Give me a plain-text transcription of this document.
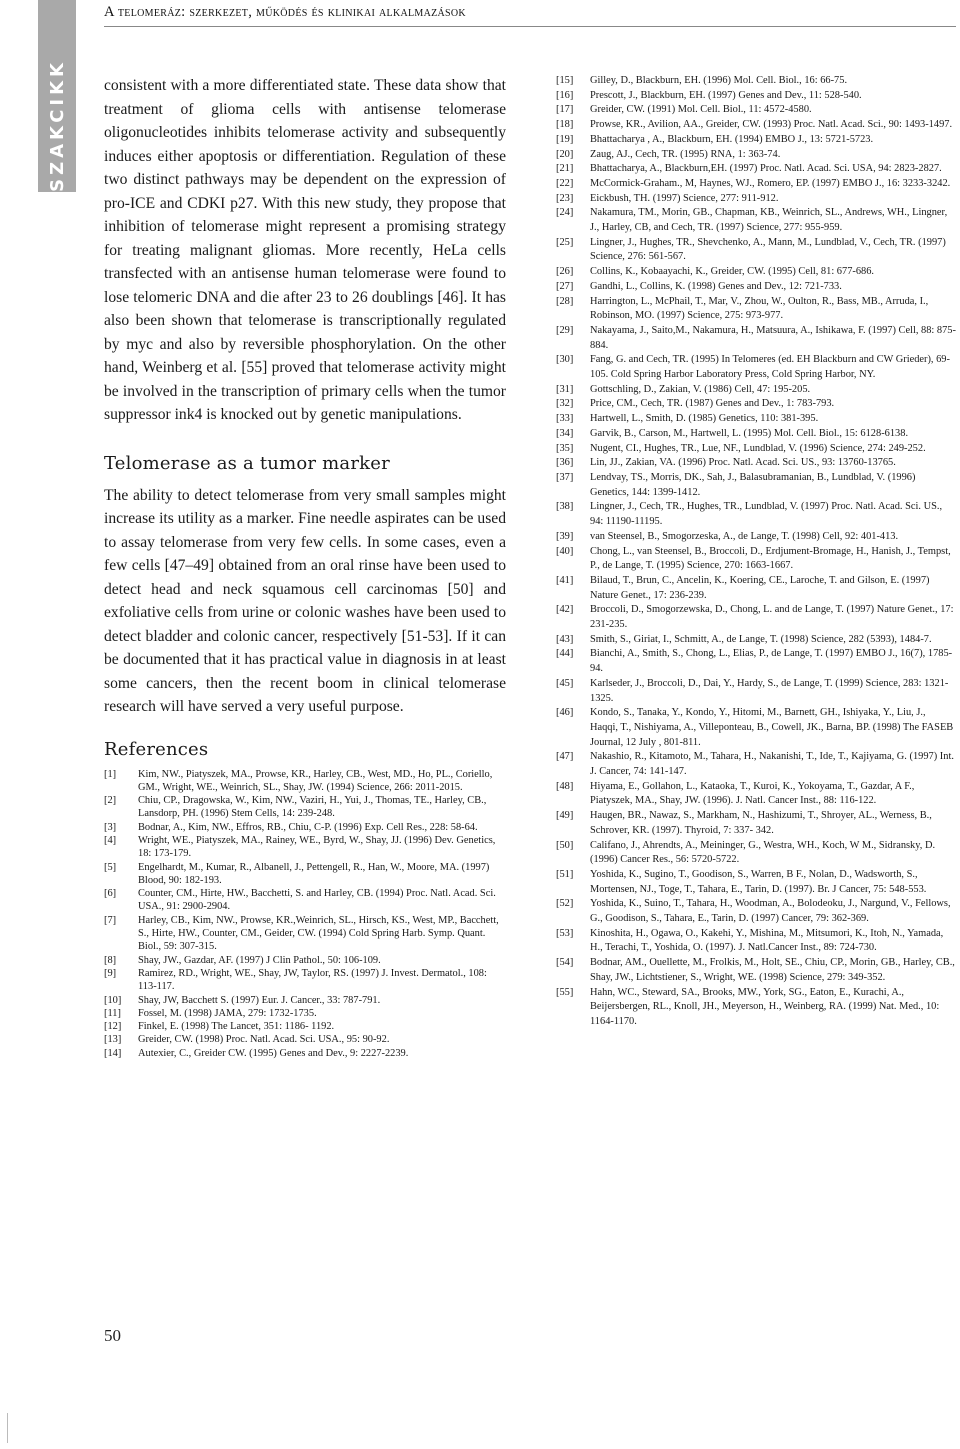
SZAKCIKK
A telomeráz: szerkezet, működés és klinikai alkalmazások

consistent with a more differentiated state. These data show that treatment of glioma cells with antisense telomerase oligonucleotides inhibits telomerase activity and subsequently induces either apoptosis or differentiation. Regulation of these two distinct pathways may be dependent on the expression of pro-ICE and CDKI p27. With this new study, they propose that inhibition of telomerase might represent a promising strategy for treating malignant gliomas. More recently, HeLa cells transfected with an antisense human telomerase were found to lose telomeric DNA and die after 23 to 26 doublings [46]. It has also been shown that telomerase is transcriptionally regulated by myc and also by reversible phosphorylation. On the other hand, Weinberg et al. [55] proved that telomerase activity might be involved in the transcription of primary cells when the tumor suppressor ink4 is knocked out by genetic manipulations.

Telomerase as a tumor marker

The ability to detect telomerase from very small samples might increase its utility as a marker. Fine needle aspirates can be used to assay telomerase from very few cells. In some cases, even a few cells [47–49] obtained from an oral rinse have been used to detect head and neck squamous cell carcinomas [50] and exfoliative cells from urine or colonic washes have been used to detect bladder and colonic cancer, respectively [51-53]. If it can be documented that it has practical value in diagnosis in at least some cancers, then the recent boom in clinical telomerase research will have served a very useful purpose.

References
[1]	Kim, NW., Piatyszek, MA., Prowse, KR., Harley, CB., West, MD., Ho, PL., Coriello, GM., Wright, WE., Weinrich, SL., Shay, JW. (1994) Science, 266: 2011-2015.
[2]	Chiu, CP., Dragowska, W., Kim, NW., Vaziri, H., Yui, J., Thomas, TE., Harley, CB., Lansdorp, PH. (1996) Stem Cells, 14: 239-248.
[3]	Bodnar, A., Kim, NW., Effros, RB., Chiu, C-P. (1996) Exp. Cell Res., 228: 58-64.
[4]	Wright, WE., Piatyszek, MA., Rainey, WE., Byrd, W., Shay, JJ. (1996) Dev. Genetics, 18: 173-179.
[5]	Engelhardt, M., Kumar, R., Albanell, J., Pettengell, R., Han, W., Moore, MA. (1997) Blood, 90: 182-193.
[6]	Counter, CM., Hirte, HW., Bacchetti, S. and Harley, CB. (1994) Proc. Natl. Acad. Sci. USA., 91: 2900-2904.
[7]	Harley, CB., Kim, NW., Prowse, KR.,Weinrich, SL., Hirsch, KS., West, MP., Bacchett, S., Hirte, HW., Counter, CM., Geider, CW. (1994) Cold Spring Harb. Symp. Quant. Biol., 59: 307-315.
[8]	Shay, JW., Gazdar, AF. (1997) J Clin Pathol., 50: 106-109.
[9]	Ramirez, RD., Wright, WE., Shay, JW, Taylor, RS. (1997) J. Invest. Dermatol., 108: 113-117.
[10]	Shay, JW, Bacchett S. (1997) Eur. J. Cancer., 33: 787-791.
[11]	Fossel, M. (1998) JAMA, 279: 1732-1735.
[12]	Finkel, E. (1998) The Lancet, 351: 1186- 1192.
[13]	Greider, CW. (1998) Proc. Natl. Acad. Sci. USA., 95: 90-92.
[14]	Autexier, C., Greider CW. (1995) Genes and Dev., 9: 2227-2239.
[15]	Gilley, D., Blackburn, EH. (1996) Mol. Cell. Biol., 16: 66-75.
[16]	Prescott, J., Blackburn, EH. (1997) Genes and Dev., 11: 528-540.
[17]	Greider, CW. (1991) Mol. Cell. Biol., 11: 4572-4580.
[18]	Prowse, KR., Avilion, AA., Greider, CW. (1993) Proc. Natl. Acad. Sci., 90: 1493-1497.
[19]	Bhattacharya , A., Blackburn, EH. (1994) EMBO J., 13: 5721-5723.
[20]	Zaug, AJ., Cech, TR. (1995) RNA, 1: 363-74.
[21]	Bhattacharya, A., Blackburn,EH. (1997) Proc. Natl. Acad. Sci. USA, 94: 2823-2827.
[22]	McCormick-Graham., M, Haynes, WJ., Romero, EP. (1997) EMBO J., 16: 3233-3242.
[23]	Eickbush, TH. (1997) Science, 277: 911-912.
[24]	Nakamura, TM., Morin, GB., Chapman, KB., Weinrich, SL., Andrews, WH., Lingner, J., Harley, CB, and Cech, TR. (1997) Science, 277: 955-959.
[25]	Lingner, J., Hughes, TR., Shevchenko, A., Mann, M., Lundblad, V., Cech, TR. (1997) Science, 276: 561-567.
[26]	Collins, K., Kobaayachi, K., Greider, CW. (1995) Cell, 81: 677-686.
[27]	Gandhi, L., Collins, K. (1998) Genes and Dev., 12: 721-733.
[28]	Harrington, L., McPhail, T., Mar, V., Zhou, W., Oulton, R., Bass, MB., Arruda, I., Robinson, MO. (1997) Science, 275: 973-977.
[29]	Nakayama, J., Saito,M., Nakamura, H., Matsuura, A., Ishikawa, F. (1997) Cell, 88: 875-884.
[30]	Fang, G. and Cech, TR. (1995) In Telomeres (ed. EH Blackburn and CW Grieder), 69-105. Cold Spring Harbor Laboratory Press, Cold Spring Harbor, NY.
[31]	Gottschling, D., Zakian, V. (1986) Cell, 47: 195-205.
[32]	Price, CM., Cech, TR. (1987) Genes and Dev., 1: 783-793.
[33]	Hartwell, L., Smith, D. (1985) Genetics, 110: 381-395.
[34]	Garvik, B., Carson, M., Hartwell, L. (1995) Mol. Cell. Biol., 15: 6128-6138.
[35]	Nugent, CI., Hughes, TR., Lue, NF., Lundblad, V. (1996) Science, 274: 249-252.
[36]	Lin, JJ., Zakian, VA. (1996) Proc. Natl. Acad. Sci. US., 93: 13760-13765.
[37]	Lendvay, TS., Morris, DK., Sah, J., Balasubramanian, B., Lundblad, V. (1996) Genetics, 144: 1399-1412.
[38]	Lingner, J., Cech, TR., Hughes, TR., Lundblad, V. (1997) Proc. Natl. Acad. Sci. US., 94: 11190-11195.
[39]	van Steensel, B., Smogorzeska, A., de Lange, T. (1998) Cell, 92: 401-413.
[40]	Chong, L., van Steensel, B., Broccoli, D., Erdjument-Bromage, H., Hanish, J., Tempst, P., de Lange, T. (1995) Science, 270: 1663-1667.
[41]	Bilaud, T., Brun, C., Ancelin, K., Koering, CE., Laroche, T. and Gilson, E. (1997) Nature Genet., 17: 236-239.
[42]	Broccoli, D., Smogorzewska, D., Chong, L. and de Lange, T. (1997) Nature Genet., 17: 231-235.
[43]	Smith, S., Giriat, I., Schmitt, A., de Lange, T. (1998) Science, 282 (5393), 1484-7.
[44]	Bianchi, A., Smith, S., Chong, L., Elias, P., de Lange, T. (1997) EMBO J., 16(7), 1785-94.
[45]	Karlseder, J., Broccoli, D., Dai, Y., Hardy, S., de Lange, T. (1999) Science, 283: 1321-1325.
[46]	Kondo, S., Tanaka, Y., Kondo, Y., Hitomi, M., Barnett, GH., Ishiyaka, Y., Liu, J., Haqqi, T., Nishiyama, A., Villeponteau, B., Cowell, JK., Barna, BP. (1998) The FASEB Journal, 12 July , 801-811.
[47]	Nakashio, R., Kitamoto, M., Tahara, H., Nakanishi, T., Ide, T., Kajiyama, G. (1997) Int. J. Cancer, 74: 141-147.
[48]	Hiyama, E., Gollahon, L., Kataoka, T., Kuroi, K., Yokoyama, T., Gazdar, A F., Piatyszek, MA., Shay, JW. (1996). J. Natl. Cancer Inst., 88: 116-122.
[49]	Haugen, BR., Nawaz, S., Markham, N., Hashizumi, T., Shroyer, AL., Werness, B., Schrover, KR. (1997). Thyroid, 7: 337- 342.
[50]	Califano, J., Ahrendts, A., Meininger, G., Westra, WH., Koch, W M., Sidransky, D. (1996) Cancer Res., 56: 5720-5722.
[51]	Yoshida, K., Sugino, T., Goodison, S., Warren, B F., Nolan, D., Wadsworth, S., Mortensen, NJ., Toge, T., Tahara, E., Tarin, D. (1997). Br. J Cancer, 75: 548-553.
[52]	Yoshida, K., Suino, T., Tahara, H., Woodman, A., Bolodeoku, J., Nargund, V., Fellows, G., Goodison, S., Tahara, E., Tarin, D. (1997) Cancer, 79: 362-369.
[53]	Kinoshita, H., Ogawa, O., Kakehi, Y., Mishina, M., Mitsumori, K., Itoh, N., Yamada, H., Terachi, T., Yoshida, O. (1997). J. Natl.Cancer Inst., 89: 724-730.
[54]	Bodnar, AM., Ouellette, M., Frolkis, M., Holt, SE., Chiu, CP., Morin, GB., Harley, CB., Shay, JW., Lichtstiener, S., Wright, WE. (1998) Science, 279: 349-352.
[55]	Hahn, WC., Steward, SA., Brooks, MW., York, SG., Eaton, E., Kurachi, A., Beijersbergen, RL., Knoll, JH., Meyerson, H., Weinberg, RA. (1999) Nat. Med., 10: 1164-1170.
50
